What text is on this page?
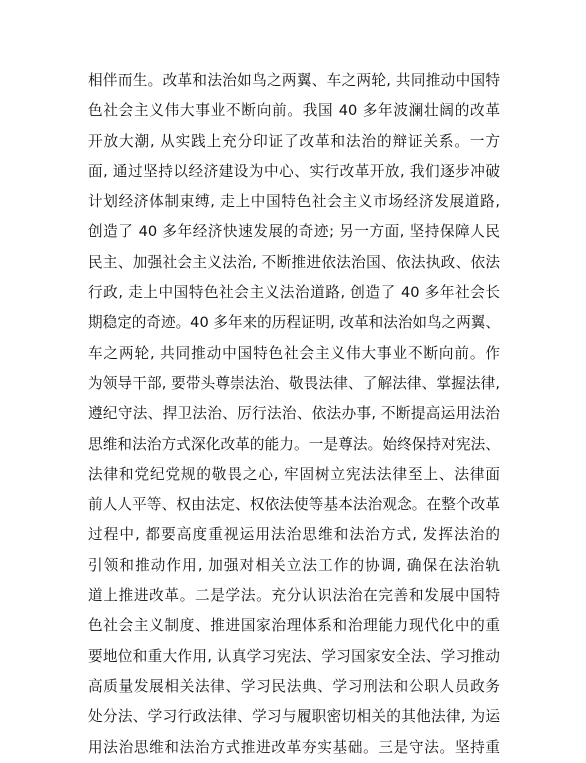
相伴而生。改革和法治如鸟之两翼、车之两轮, 共同推动中国特
色社会主义伟大事业不断向前。我国 40 多年波澜壮阔的改革
开放大潮, 从实践上充分印证了改革和法治的辩证关系。一方
面, 通过坚持以经济建设为中心、实行改革开放, 我们逐步冲破
计划经济体制束缚, 走上中国特色社会主义市场经济发展道路,
创造了 40 多年经济快速发展的奇迹; 另一方面, 坚持保障人民
民主、加强社会主义法治, 不断推进依法治国、依法执政、依法
行政, 走上中国特色社会主义法治道路, 创造了 40 多年社会长
期稳定的奇迹。40 多年来的历程证明, 改革和法治如鸟之两翼、
车之两轮, 共同推动中国特色社会主义伟大事业不断向前。作
为领导干部, 要带头尊崇法治、敬畏法律、了解法律、掌握法律,
遵纪守法、捍卫法治、厉行法治、依法办事, 不断提高运用法治
思维和法治方式深化改革的能力。一是尊法。始终保持对宪法、
法律和党纪党规的敬畏之心, 牢固树立宪法法律至上、法律面
前人人平等、权由法定、权依法使等基本法治观念。在整个改革
过程中, 都要高度重视运用法治思维和法治方式, 发挥法治的
引领和推动作用, 加强对相关立法工作的协调, 确保在法治轨
道上推进改革。二是学法。充分认识法治在完善和发展中国特
色社会主义制度、推进国家治理体系和治理能力现代化中的重
要地位和重大作用, 认真学习宪法、学习国家安全法、学习推动
高质量发展相关法律、学习民法典、学习刑法和公职人员政务
处分法、学习行政法律、学习与履职密切相关的其他法律, 为运
用法治思维和法治方式推进改革夯实基础。三是守法。坚持重
